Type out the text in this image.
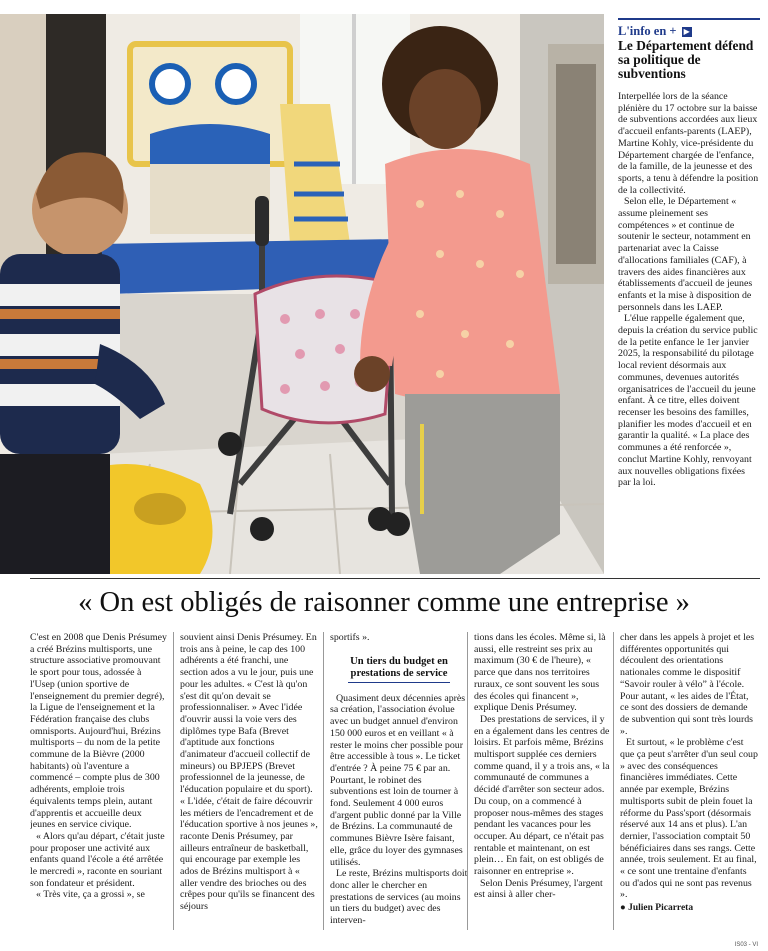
L'info en + ▶
Le Département défend sa politique de subventions

Interpellée lors de la séance plénière du 17 octobre sur la baisse de subventions accordées aux lieux d'accueil enfants-parents (LAEP), Martine Kohly, vice-présidente du Département chargée de l'enfance, de la famille, de la jeunesse et des sports, a tenu à défendre la position de la collectivité.

Selon elle, le Département « assume pleinement ses compétences » et continue de soutenir le secteur, notamment en partenariat avec la Caisse d'allocations familiales (CAF), à travers des aides financières aux établissements d'accueil de jeunes enfants et la mise à disposition de personnels dans les LAEP.

L'élue rappelle également que, depuis la création du service public de la petite enfance le 1er janvier 2025, la responsabilité du pilotage local revient désormais aux communes, devenues autorités organisatrices de l'accueil du jeune enfant. À ce titre, elles doivent recenser les besoins des familles, planifier les modes d'accueil et en garantir la qualité. « La place des communes a été renforcée », conclut Martine Kohly, renvoyant aux nouvelles obligations fixées par la loi.

« On est obligés de raisonner comme une entreprise »

C'est en 2008 que Denis Présumey a créé Brézins multisports, une structure associative promouvant le sport pour tous, adossée à l'Usep (union sportive de l'enseignement du premier degré), la Ligue de l'enseignement et la Fédération française des clubs omnisports. Aujourd'hui, Brézins multisports – du nom de la petite commune de la Bièvre (2000 habitants) où l'aventure a commencé – compte plus de 300 adhérents, emploie trois équivalents temps plein, autant d'apprentis et accueille deux jeunes en service civique.

« Alors qu'au départ, c'était juste pour proposer une activité aux enfants quand l'école a été arrêtée le mercredi », raconte en souriant son fondateur et président.

« Très vite, ça a grossi », se

souvient ainsi Denis Présumey. En trois ans à peine, le cap des 100 adhérents a été franchi, une section ados a vu le jour, puis une pour les adultes. « C'est là qu'on s'est dit qu'on devait se professionnaliser. » Avec l'idée d'ouvrir aussi la voie vers des diplômes type Bafa (Brevet d'aptitude aux fonctions d'animateur d'accueil collectif de mineurs) ou BPJEPS (Brevet professionnel de la jeunesse, de l'éducation populaire et du sport). « L'idée, c'était de faire découvrir les métiers de l'encadrement et de l'éducation sportive à nos jeunes », raconte Denis Présumey, par ailleurs entraîneur de basketball, qui encourage par exemple les ados de Brézins multisport à « aller vendre des brioches ou des crêpes pour qu'ils se financent des séjours

sportifs ».

Un tiers du budget en prestations de service

Quasiment deux décennies après sa création, l'association évolue avec un budget annuel d'environ 150 000 euros et en veillant « à rester le moins cher possible pour être accessible à tous ». Le ticket d'entrée ? À peine 75 € par an. Pourtant, le robinet des subventions est loin de tourner à fond. Seulement 4 000 euros d'argent public donné par la Ville de Brézins. La communauté de communes Bièvre Isère faisant, elle, grâce du loyer des gymnases utilisés.

Le reste, Brézins multisports doit donc aller le chercher en prestations de services (au moins un tiers du budget) avec des interven-

tions dans les écoles. Même si, là aussi, elle restreint ses prix au maximum (30 € de l'heure), « parce que dans nos territoires ruraux, ce sont souvent les sous des écoles qui financent », explique Denis Présumey.

Des prestations de services, il y en a également dans les centres de loisirs. Et parfois même, Brézins multisport supplée ces derniers comme quand, il y a trois ans, « la communauté de communes a décidé d'arrêter son secteur ados. Du coup, on a commencé à proposer nous-mêmes des stages pendant les vacances pour les occuper. Au départ, ce n'était pas rentable et maintenant, on est plein… En fait, on est obligés de raisonner en entreprise ».

Selon Denis Présumey, l'argent est ainsi à aller cher-

cher dans les appels à projet et les différentes opportunités qui découlent des orientations nationales comme le dispositif “Savoir rouler à vélo” à l'école. Pour autant, « les aides de l'État, ce sont des dossiers de demande de subvention qui sont très lourds ».

Et surtout, « le problème c'est que ça peut s'arrêter d'un seul coup » avec des conséquences financières immédiates. Cette année par exemple, Brézins multisports subit de plein fouet la réforme du Pass'sport (désormais réservé aux 14 ans et plus). L'an dernier, l'association comptait 50 bénéficiaires dans ses rangs. Cette année, trois seulement. Et au final, « ce sont une trentaine d'enfants ou d'ados qui ne sont pas revenus ».

● Julien Picarreta

IS03 - VI
